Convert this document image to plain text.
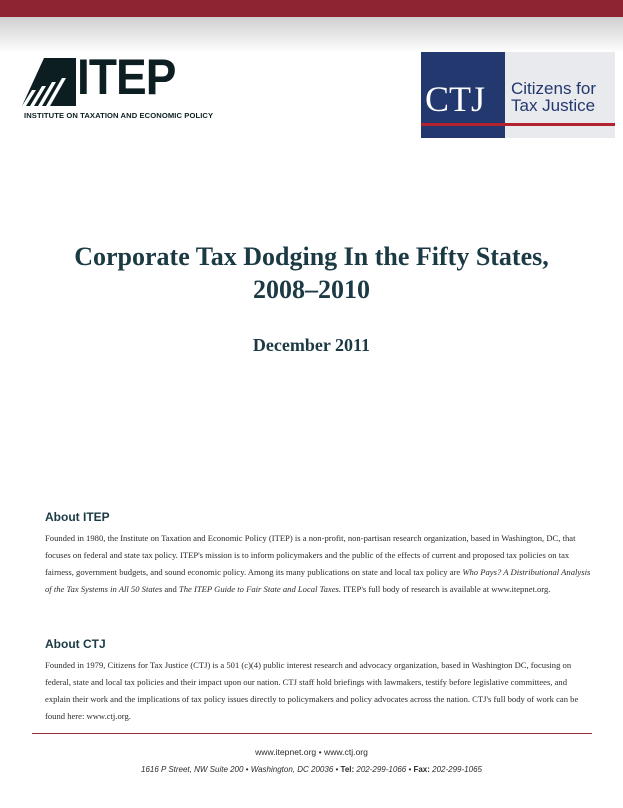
ITEP
INSTITUTE ON TAXATION AND ECONOMIC POLICY	CTJ	Citizens for
Tax Justice
Corporate Tax Dodging In the Fifty States,
2008–2010
December 2011
About ITEP

Founded in 1980, the Institute on Taxation and Economic Policy (ITEP) is a non-profit, non-partisan research organization, based in Washington, DC, that focuses on federal and state tax policy. ITEP's mission is to inform policymakers and the public of the effects of current and proposed tax policies on tax fairness, government budgets, and sound economic policy. Among its many publications on state and local tax policy are Who Pays? A Distributional Analysis of the Tax Systems in All 50 States and The ITEP Guide to Fair State and Local Taxes. ITEP's full body of research is available at www.itepnet.org.

About CTJ

Founded in 1979, Citizens for Tax Justice (CTJ) is a 501 (c)(4) public interest research and advocacy organization, based in Washington DC, focusing on federal, state and local tax policies and their impact upon our nation. CTJ staff hold briefings with lawmakers, testify before legislative committees, and explain their work and the implications of tax policy issues directly to policymakers and policy advocates across the nation. CTJ's full body of work can be found here: www.ctj.org.

www.itepnet.org • www.ctj.org
1616 P Street, NW Suite 200 • Washington, DC 20036 • Tel: 202-299-1066 • Fax: 202-299-1065
